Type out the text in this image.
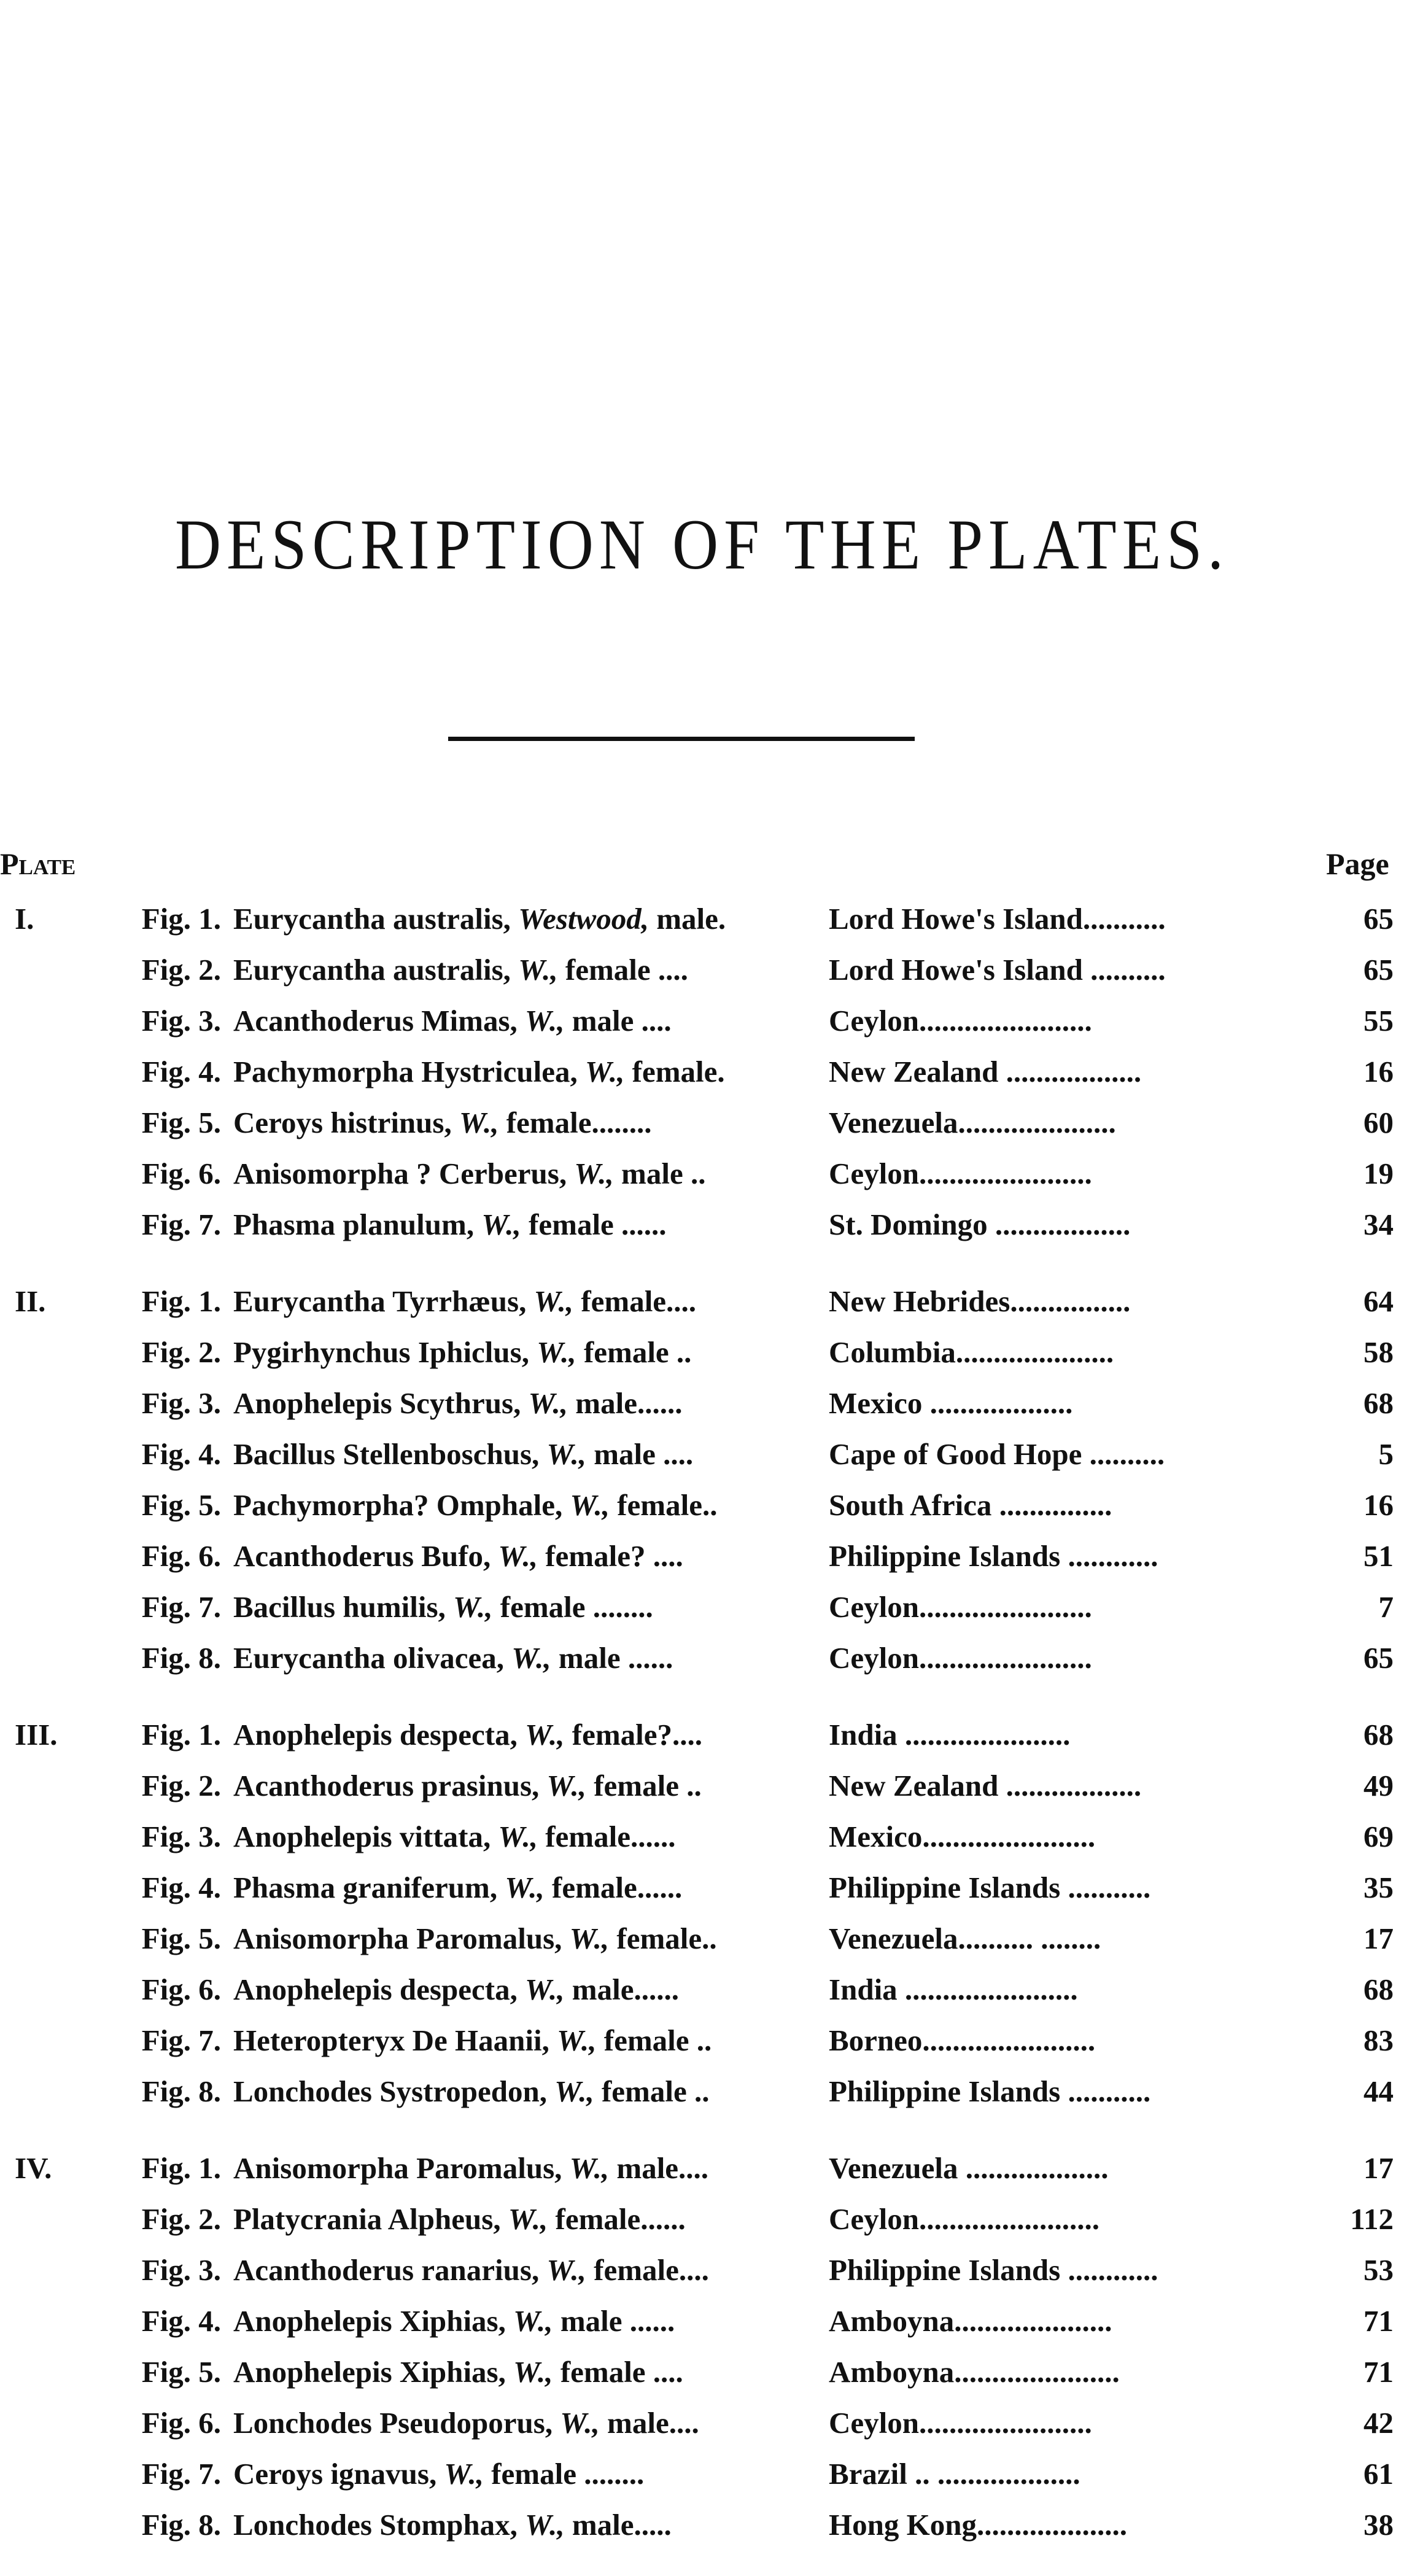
DESCRIPTION OF THE PLATES.
Plate	Page
I.	Fig. 1. Eurycantha australis, Westwood, male.	Lord Howe's Island...........	65
Fig. 2. Eurycantha australis, W., female ....	Lord Howe's Island ..........	65
Fig. 3. Acanthoderus Mimas, W., male ....	Ceylon.......................	55
Fig. 4. Pachymorpha Hystriculea, W., female.	New Zealand ..................	16
Fig. 5. Ceroys histrinus, W., female........	Venezuela.....................	60
Fig. 6. Anisomorpha ? Cerberus, W., male ..	Ceylon.......................	19
Fig. 7. Phasma planulum, W., female ......	St. Domingo ..................	34
II.	Fig. 1. Eurycantha Tyrrhæus, W., female....	New Hebrides................	64
Fig. 2. Pygirhynchus Iphiclus, W., female ..	Columbia.....................	58
Fig. 3. Anophelepis Scythrus, W., male......	Mexico ...................	68
Fig. 4. Bacillus Stellenboschus, W., male ....	Cape of Good Hope ..........	5
Fig. 5. Pachymorpha? Omphale, W., female..	South Africa ...............	16
Fig. 6. Acanthoderus Bufo, W., female? ....	Philippine Islands ............	51
Fig. 7. Bacillus humilis, W., female ........	Ceylon.......................	7
Fig. 8. Eurycantha olivacea, W., male ......	Ceylon.......................	65
III.	Fig. 1. Anophelepis despecta, W., female?....	India ......................	68
Fig. 2. Acanthoderus prasinus, W., female ..	New Zealand ..................	49
Fig. 3. Anophelepis vittata, W., female......	Mexico.......................	69
Fig. 4. Phasma graniferum, W., female......	Philippine Islands ...........	35
Fig. 5. Anisomorpha Paromalus, W., female..	Venezuela.......... ........	17
Fig. 6. Anophelepis despecta, W., male......	India .......................	68
Fig. 7. Heteropteryx De Haanii, W., female ..	Borneo.......................	83
Fig. 8. Lonchodes Systropedon, W., female ..	Philippine Islands ...........	44
IV.	Fig. 1. Anisomorpha Paromalus, W., male....	Venezuela ...................	17
Fig. 2. Platycrania Alpheus, W., female......	Ceylon........................	112
Fig. 3. Acanthoderus ranarius, W., female....	Philippine Islands ............	53
Fig. 4. Anophelepis Xiphias, W., male ......	Amboyna.....................	71
Fig. 5. Anophelepis Xiphias, W., female ....	Amboyna......................	71
Fig. 6. Lonchodes Pseudoporus, W., male....	Ceylon.......................	42
Fig. 7. Ceroys ignavus, W., female ........	Brazil .. ...................	61
Fig. 8. Lonchodes Stomphax, W., male.....	Hong Kong....................	38
